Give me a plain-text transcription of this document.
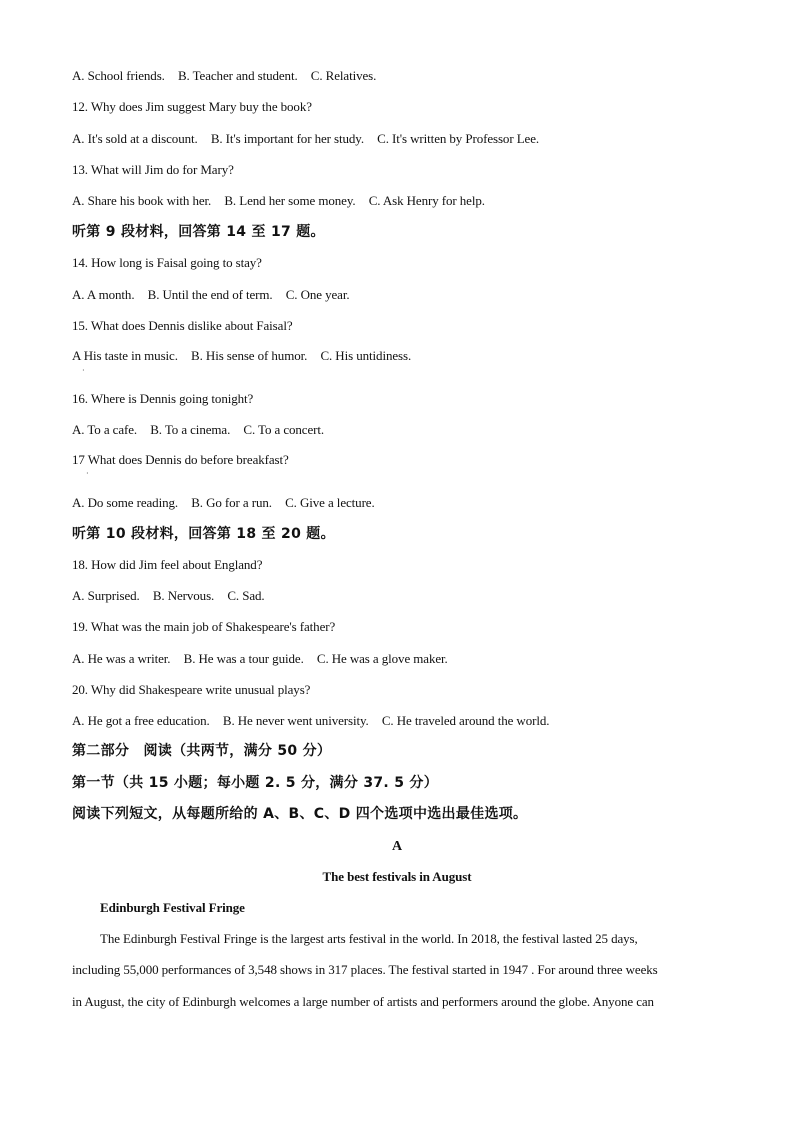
A. School friends. B. Teacher and student. C. Relatives.
12. Why does Jim suggest Mary buy the book?
A. It's sold at a discount. B. It's important for her study. C. It's written by Professor Lee.
13. What will Jim do for Mary?
A. Share his book with her. B. Lend her some money. C. Ask Henry for help.
听第 9 段材料，回答第 14 至 17 题。
14. How long is Faisal going to stay?
A. A month. B. Until the end of term. C. One year.
15. What does Dennis dislike about Faisal?
A His taste in music. B. His sense of humor. C. His untidiness.
·
16. Where is Dennis going tonight?
A. To a cafe. B. To a cinema. C. To a concert.
17 What does Dennis do before breakfast?
·
A. Do some reading. B. Go for a run. C. Give a lecture.
听第 10 段材料，回答第 18 至 20 题。
18. How did Jim feel about England?
A. Surprised. B. Nervous. C. Sad.
19. What was the main job of Shakespeare's father?
A. He was a writer. B. He was a tour guide. C. He was a glove maker.
20. Why did Shakespeare write unusual plays?
A. He got a free education. B. He never went university. C. He traveled around the world.
第二部分　阅读（共两节，满分 50 分）
第一节（共 15 小题；每小题 2. 5 分，满分 37. 5 分）
阅读下列短文，从每题所给的 A、B、C、D 四个选项中选出最佳选项。
A
The best festivals in August
Edinburgh Festival Fringe
The Edinburgh Festival Fringe is the largest arts festival in the world. In 2018, the festival lasted 25 days,
including 55,000 performances of 3,548 shows in 317 places. The festival started in 1947 . For around three weeks
in August, the city of Edinburgh welcomes a large number of artists and performers around the globe. Anyone can
